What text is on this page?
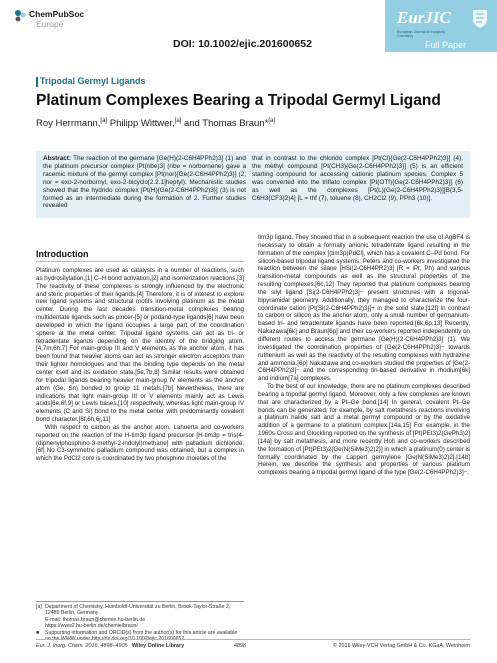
ChemPubSoc
Europe
DOI: 10.1002/ejic.201600652
EurJIC
European Journal of Inorganic Chemistry
Full Paper
Tripodal Germyl Ligands
Platinum Complexes Bearing a Tripodal Germyl Ligand
Roy Herrmann,[a] Philipp Wittwer,[a] and Thomas Braun*[a]
Abstract: The reaction of the germane [Ge(H)(2-C6H4PPh2)3] (1) and the platinum precursor complex [Pt(nbe)3] (nbe = norbornene) gave a racemic mixture of the germyl complex [Pt(nor){Ge(2-C6H4PPh2)3}] (2; nor = exo-2-norbornyl, exo-2-bicyclo[2.2.1]heptyl). Mechanistic studies showed that the hydrido complex [Pt(H){Ge(2-C6H4PPh2)3}] (3) is not formed as an intermediate during the formation of 2. Further studies revealed
that in contrast to the chlorido complex [Pt(Cl){Ge(2-C6H4PPh2)3}] (4), the methyl compound [Pt(CH3){Ge(2-C6H4PPh2)3}] (5) is an efficient starting compound for accessing cationic platinum species. Complex 5 was converted into the triflato complex [Pt(OTf){Ge(2-C6H4PPh2)3}] (6) as well as the complexes [Pt(L){Ge(2-C6H4PPh2)3}][B(3,5-C6H3(CF3)2)4] [L = thf (7), toluene (8), CH2Cl2 (9), PPh3 (10)].
Introduction

Platinum complexes are used as catalysts in a number of reactions, such as hydrosilylation,[1] C–H bond activation,[2] and isomerization reactions.[3] The reactivity of these complexes is strongly influenced by the electronic and steric properties of their ligands.[4] Therefore, it is of interest to explore new ligand systems and structural motifs involving platinum as the metal center. During the last decades transition-metal complexes bearing multidentate ligands such as pincer-[5] or podand-type ligands[6] have been developed in which the ligand occupies a large part of the coordination sphere at the metal center. Tripodal ligand systems can act as tri- or tetradentate ligands depending on the identity of the bridging atom.[4,7m,6h,7] For main-group III and V elements as the anchor atom, it has been found that heavier atoms can act as stronger electron acceptors than their lighter homologues and that the binding type depends on the metal center itself and its oxidation state.[5e,7b,8] Similar results were obtained for tripodal ligands bearing heavier main-group IV elements as the anchor atom (Ge, Sn) bonded to group 11 metals.[7b] Nevertheless, there are indications that light main-group III or V elements mainly act as Lewis acids[6e,6f,9] or Lewis bases,[10] respectively, whereas light main-group IV elements (C and Si) bond to the metal center with predominantly covalent bond character.[6f,6h,6j,11]

With respect to carbon as the anchor atom, Lahuerta and co-workers reported on the reaction of the H-tim3p ligand precursor [H-tim3p = tris(4-(diphenylphosphino-3-methyl-2-indolyl)methane] with palladium dichloride.[6f] No C3-symmetric palladium compound was obtained, but a complex in which the PdCl2 core is coordinated by two phosphine moieties of the

tim3p ligand. They showed that in a subsequent reaction the use of AgBF4 is necessary to obtain a formally anionic tetradentate ligand resulting in the formation of the complex [(tim3p)PdCl], which has a covalent C–Pd bond. For silicon-based tripodal ligand systems, Peters and co-workers investigated the reaction between the silane [HSi(2-C6H4PR2)3] [R = iPr, Ph) and various transition-metal compounds as well as the structural properties of the resulting complexes.[6c,12] They reported that platinum complexes bearing the silyl ligand [Si(2-C6H4PPh2)3]− present structures with a trigonal-bipyramidal geometry. Additionally, they managed to characterize the four-coordinate cation [Pt{Si(2-C6H4PPh2)3}]+ in the solid state.[12f] In contrast to carbon or silicon as the anchor atom, only a small number of germanium-based tri- and tetradentate ligands have been reported.[6k,6p,13] Recently, Nakazawa[6k] and Braun[6p] and their co-workers reported independently on different routes to access the germane [Ge(H)(2-C6H4PPh2)3] (1). We investigated the coordination properties of [Ge(2-C6H4PPh2)3]− towards ruthenium as well as the reactivity of the resulting complexes with hydrazine and ammonia.[6p] Nakazawa and co-workers studied the properties of [Ge(2-C6H4PPh2)3]− and the corresponding tin-based derivative in rhodium[6k] and iridium[7a] complexes.

To the best of our knowledge, there are no platinum complexes described bearing a tripodal germyl ligand. Moreover, only a few complexes are known that are characterized by a Pt–Ge bond.[14] In general, covalent Pt–Ge bonds can be generated, for example, by salt metathesis reactions involving a platinum halide salt and a metal germyl compound or by the oxidative addition of a germane to a platinum complex.[14a,15] For example, in the 1960s Cross and Glockling reported on the synthesis of [Pt(PEt3)2(GePh3)2][14a] by salt metathesis, and more recently Holl and co-workers described the formation of [Pt(PEt3)2{Ge(N(SiMe3)2)2}] in which a platinum(0) center is formally coordinated by the Lappert germylene [Ge(N(SiMe3)2)2].[14b] Herein, we describe the synthesis and properties of various platinum complexes bearing a tripodal germyl ligand of the type [Ge(2-C6H4PPh2)3]−.

[a] Department of Chemistry, Humboldt-Universität zu Berlin, Brook-Taylor-Straße 2, 12489 Berlin, Germany
E-mail: thomas.braun@chemie.hu-berlin.de
https://www2.hu-berlin.de/chemie/braun/
■ Supporting information and ORCID(s) from the author(s) for this article are available
Eur. J. Inorg. Chem. 2016, 4898–4905 Wiley Online Library	4898	© 2016 Wiley-VCH Verlag GmbH & Co. KGaA, Weinheim
